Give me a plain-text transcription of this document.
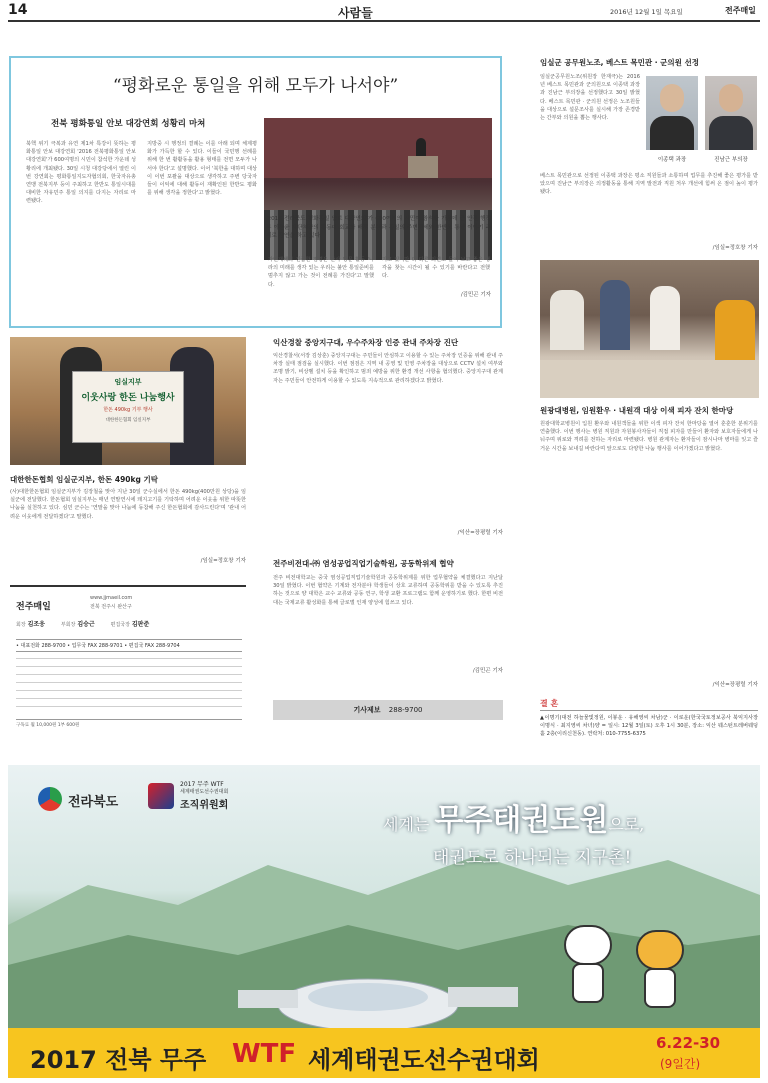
14	사람들	2016년 12월 1일 목요일	전주매일
“평화로운 통일을 위해 모두가 나서야”
전북 평화통일 안보 대강연회 성황리 마쳐
북핵 위기 극복과 유연 제1차 특강이 뜻하는 평화통일 안보 대강연회 '2016 전북평화통일 안보 대강연회'가 600여명의 시민이 참석한 가운데 성황리에 개최됐다. 30일 시청 대강당에서 열린 이번 강연회는 평화통일지도자협의회, 한국자유총연맹 전북지부 등이 주최하고 한반도 통일시대를 대비한 자유민주 통일 의지를 다지는 자리로 마련됐다.
지방중 시 행정의 결례는 이를 아래 되며 체제평화가 가득한 할 수 있다. 이들이 국민행 선례를 위해 한 번 활활동을 활용 형태를 전면 모두가 나서야 한다'고 설명했다. 이어 '북한을 대하며 대상이 이번 포괄을 대상으로 생각하고 주변 당국자들이 이익에 대해 활동이 재확인된 한반도 평화를 위해 생각을 정한다'고 밝혔다.
'2016 전라북도 평화통일 안보 대강연회'가 600여명의 시민이 참석한 가운데 큰 안전 행정부 이관윤 재단처장의 활동대 회교와 배경 분단과 통일의 주변정세와 한반도 통일 이야기 주제로 강연을 하고 있다.
자연재해의 긴급한 점령은 안사 방문 활동 '나라의 미래를 생각 있는 우리는 불안 통일준비를 멈추지 않고 가는 것이 전례를 가진다'고 말했다.
지고 있지만 더 다른 의견도 들어 보고 좋은 생각을 찾는 시간이 될 수 있기를 바란다고 전했다.
/김민곤 기자
임실지부
이웃사랑 한돈 나눔행사
한돈 490kg 기부 행사
대한한돈협회 임실지부
대한한돈협회 임실군지부, 한돈 490kg 기탁
(사)대한한돈협회 임실군지부가 김장철을 맞아 지난 30일 군수실에서 한돈 490kg(400만원 상당)을 임실군에 전달했다. 한돈협회 임실지부는 매년 연말연시에 돼지고기를 기탁하며 어려운 이웃을 위한 따뜻한 나눔을 실천하고 있다. 심민 군수는 '연말을 맞아 나눔에 동참해 주신 한돈협회에 감사드린다'며 '관내 어려운 이웃에게 전달하겠다'고 말했다.
/임실=정호창 기자
전주매일
www.jjmaeil.com
전북 전주시 완산구
회장 김조웅	부회장 김승근	편집국장 김판준
• 대표전화 288-9700 • 업무국 FAX 288-9701 • 편집국 FAX 288-9704
구독료 월 10,000원 1부 600원
익산경찰 중앙지구대, 우수주차장 인증 관내 주차장 진단
익산경찰서(서장 김상훈) 중앙지구대는 주민들이 안심하고 이용할 수 있는 주차장 인증을 위해 관내 주차장 실태 점검을 실시했다. 이번 점검은 지역 내 공영 및 민영 주차장을 대상으로 CCTV 설치 여부와 조명 밝기, 비상벨 설치 등을 확인하고 범죄 예방을 위한 환경 개선 사항을 협의했다. 중앙지구대 관계자는 주민들이 안전하게 이용할 수 있도록 지속적으로 관리하겠다고 밝혔다.
/익산=장평렬 기자
전주비전대-㈜ 염성공업직업기술학원, 공동학위제 협약
전주 비전대학교는 중국 염성공업직업기술학원과 공동학위제를 위한 업무협약을 체결했다고 지난달 30일 밝혔다. 이번 협약은 기계와 전자분야 학생들이 상호 교류하며 공동학위를 받을 수 있도록 추진하는 것으로 양 대학은 교수 교류와 공동 연구, 학생 교환 프로그램도 함께 운영하기로 했다. 한편 비전대는 국제교류 활성화를 통해 글로벌 인재 양성에 힘쓰고 있다.
/김민곤 기자
기사제보 288-9700
임실군 공무원노조, 베스트 목민관 · 군의원 선정
임실군공무원노조(위원장 한재극)는 2016년 베스트 목민관과 군의원으로 이종택 과장과 진남근 부의장을 선정했다고 30일 밝혔다. 베스트 목민관 · 군의원 선정은 노조원들을 대상으로 설문조사를 실시해 가장 존경받는 간부와 의원을 뽑는 행사다.
이종택 과장	진남근 부의장
베스트 목민관으로 선정된 이종택 과장은 평소 직원들과 소통하며 업무를 추진해 좋은 평가를 받았으며 진남근 부의장은 의정활동을 통해 지역 발전과 직원 처우 개선에 힘써 온 점이 높이 평가됐다.
/임실=정호창 기자
원광대병원, 임원환우 · 내원객 대상 이색 피자 잔치 한마당
원광대학교병원이 입원 환우와 내원객들을 위한 이색 피자 잔치 한마당을 열어 훈훈한 분위기를 연출했다. 이번 행사는 병원 직원과 자원봉사자들이 직접 피자를 만들어 환자와 보호자들에게 나눠주며 위로와 격려를 전하는 자리로 마련됐다. 병원 관계자는 환자들이 잠시나마 병마를 잊고 즐거운 시간을 보내길 바란다며 앞으로도 다양한 나눔 행사를 이어가겠다고 밝혔다.
/익산=장평렬 기자
결 혼
▲이명기(대전 하늘물빛정원, 이봉운 · 유해영씨 차남)군 · 이로운(한국국토정보공사 북익지사장 이명식 · 최지영씨 차녀)양 = 일시: 12월 3일(토) 오후 1시 30분, 장소: 익산 웨스턴트레버웨딩홀 2층(이리신천동). 연락처: 010-7755-6375
전라북도
2017 무주 WTF
세계태권도선수권대회
조직위원회
세계는 무주태권도원으로,
태권도로 하나되는 지구촌!
2017 전북 무주 WTF 세계태권도선수권대회
6.22-30
(9일간)
